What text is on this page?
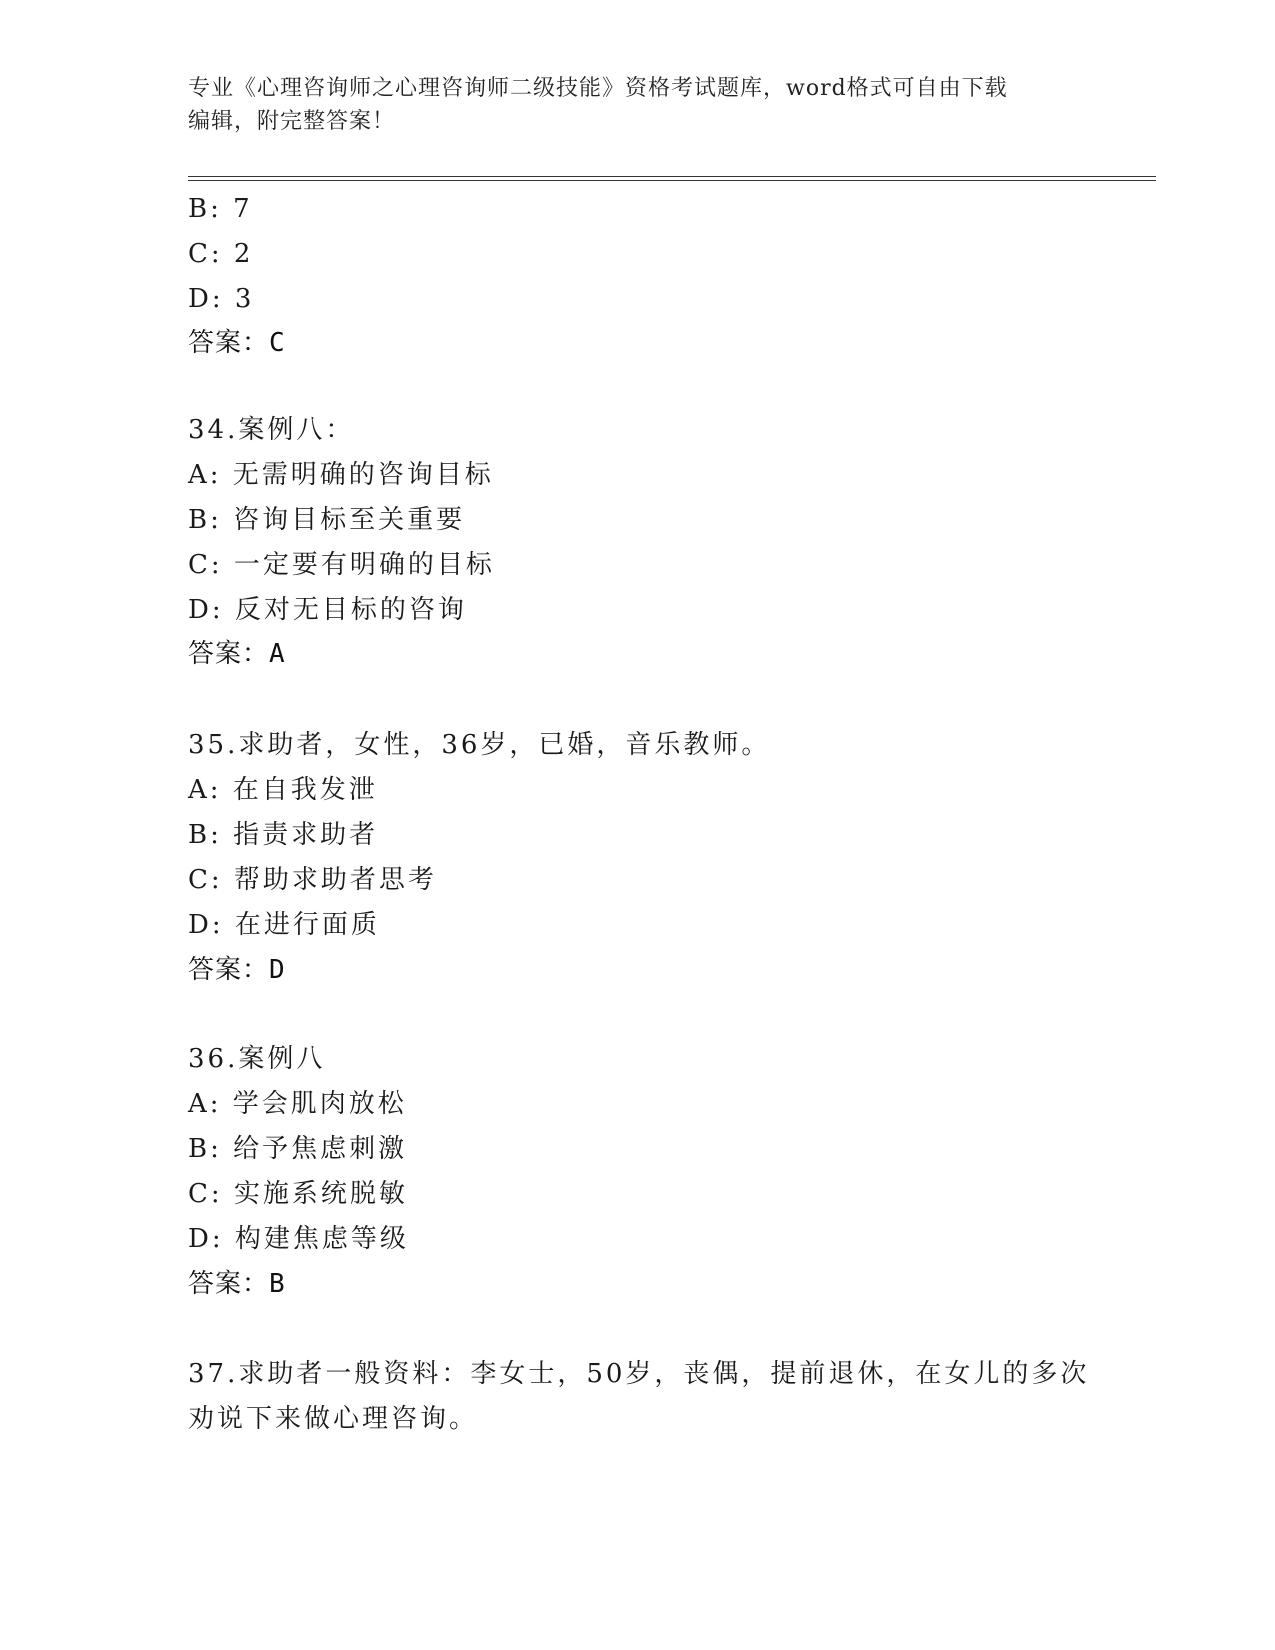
专业《心理咨询师之心理咨询师二级技能》资格考试题库，word格式可自由下载
编辑，附完整答案！
B: 7
C: 2
D: 3
答案：C
34.案例八：
A: 无需明确的咨询目标
B: 咨询目标至关重要
C: 一定要有明确的目标
D: 反对无目标的咨询
答案：A
35.求助者，女性，36岁，已婚，音乐教师。
A: 在自我发泄
B: 指责求助者
C: 帮助求助者思考
D: 在进行面质
答案：D
36.案例八
A: 学会肌肉放松
B: 给予焦虑刺激
C: 实施系统脱敏
D: 构建焦虑等级
答案：B
37.求助者一般资料：李女士，50岁，丧偶，提前退休，在女儿的多次
劝说下来做心理咨询。
